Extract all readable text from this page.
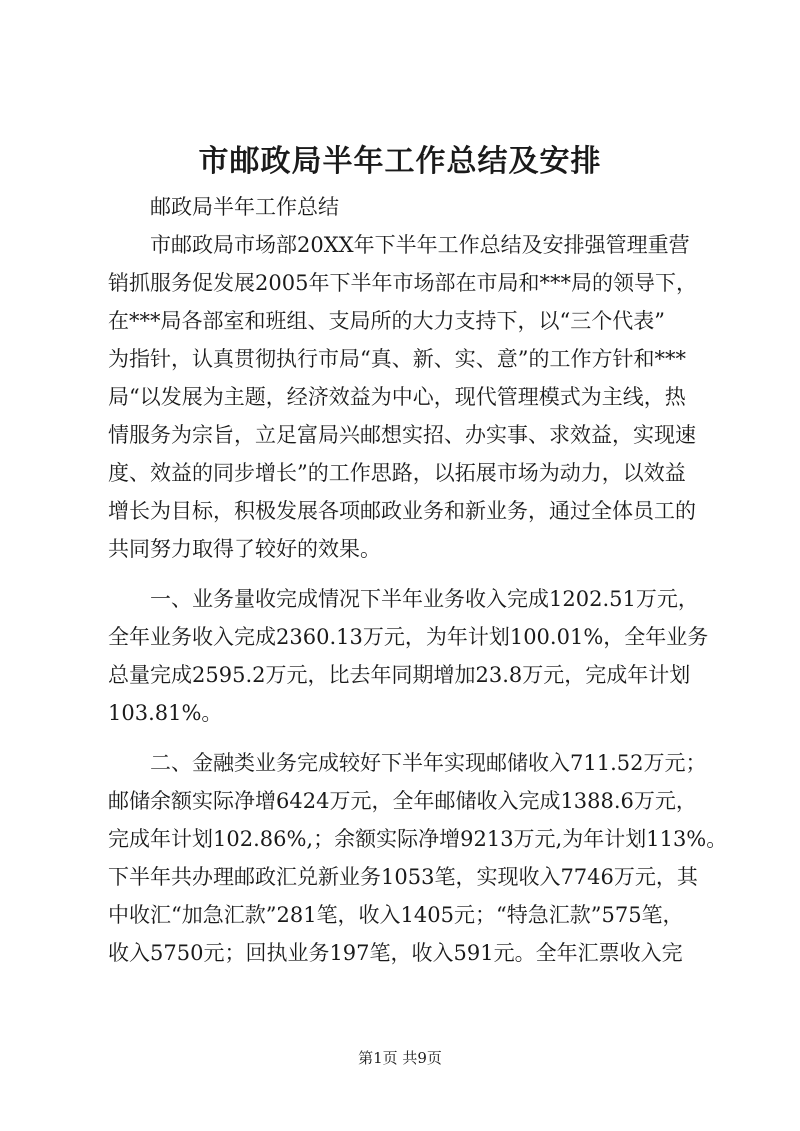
市邮政局半年工作总结及安排
邮政局半年工作总结
市邮政局市场部20XX年下半年工作总结及安排强管理重营
销抓服务促发展2005年下半年市场部在市局和***局的领导下，
在***局各部室和班组、支局所的大力支持下，以“三个代表”
为指针，认真贯彻执行市局“真、新、实、意”的工作方针和***
局“以发展为主题，经济效益为中心，现代管理模式为主线，热
情服务为宗旨，立足富局兴邮想实招、办实事、求效益，实现速
度、效益的同步增长”的工作思路，以拓展市场为动力，以效益
增长为目标，积极发展各项邮政业务和新业务，通过全体员工的
共同努力取得了较好的效果。
一、业务量收完成情况下半年业务收入完成1202.51万元，
全年业务收入完成2360.13万元，为年计划100.01%，全年业务
总量完成2595.2万元，比去年同期增加23.8万元，完成年计划
103.81%。
二、金融类业务完成较好下半年实现邮储收入711.52万元；
邮储余额实际净增6424万元，全年邮储收入完成1388.6万元，
完成年计划102.86%,；余额实际净增9213万元,为年计划113%。
下半年共办理邮政汇兑新业务1053笔，实现收入7746万元，其
中收汇“加急汇款”281笔，收入1405元；“特急汇款”575笔，
收入5750元；回执业务197笔，收入591元。全年汇票收入完
第1页 共9页
